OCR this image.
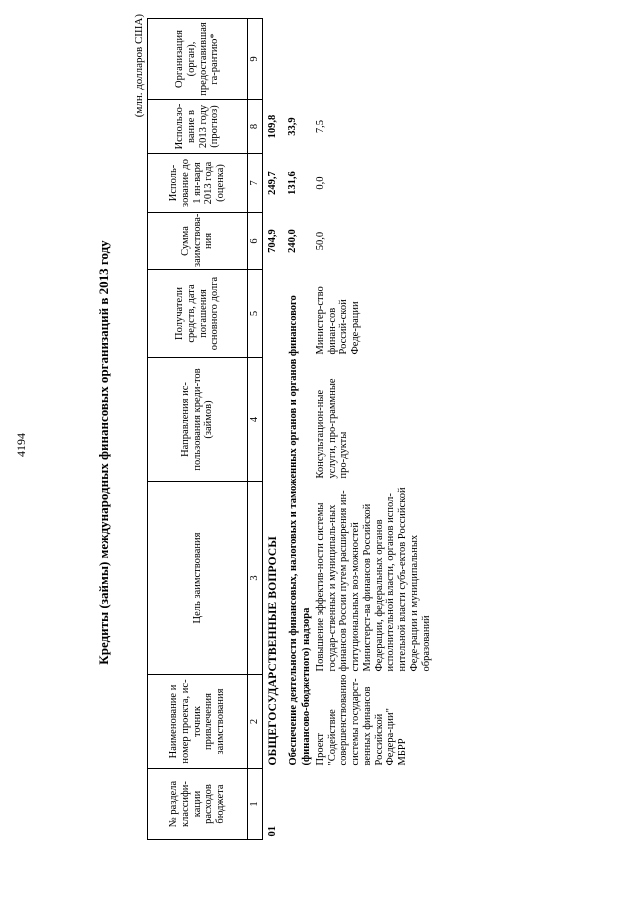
4194	Кредиты (займы) международных финансовых организаций в 2013 году
(млн. долларов США)
№ раздела классифи-кации расходов бюджета	Наименование и номер проекта, ис-точник привлечения заимствования	Цель заимствования	Направления ис-пользования креди-тов (займов)	Получатели средств, дата погашения основного долга	Сумма заимствова-ния	Исполь-зование до 1 ян-варя 2013 года (оценка)	Использо-вание в 2013 году (прогноз)	Организация (орган), предоставившая га-рантию*
1	2	3	4	5	6	7	8	9
01	ОБЩЕГОСУДАРСТВЕННЫЕ ВОПРОСЫ				704,9	249,7	109,8	
	Обеспечение деятельности финансовых, налоговых и таможенных органов и органов финансового (финансово-бюджетного) надзора				240,0	131,6	33,9	

	Проект "Содействие совершенствованию системы государст-венных финансов Российской Федера-ции" МБРР	Повышение эффектив-ности системы государ-ственных и муниципаль-ных финансов России путем расширения ин-ституциональных воз-можностей Министерст-ва финансов Российской Федерации, федеральных органов исполнительной власти, органов испол-нительной власти субъ-ектов Российской Феде-рации и муниципальных образований	Консультацион-ные услуги, про-граммные про-дукты	Министер-ство финан-сов Россий-ской Феде-рации	50,0	0,0	7,5	
